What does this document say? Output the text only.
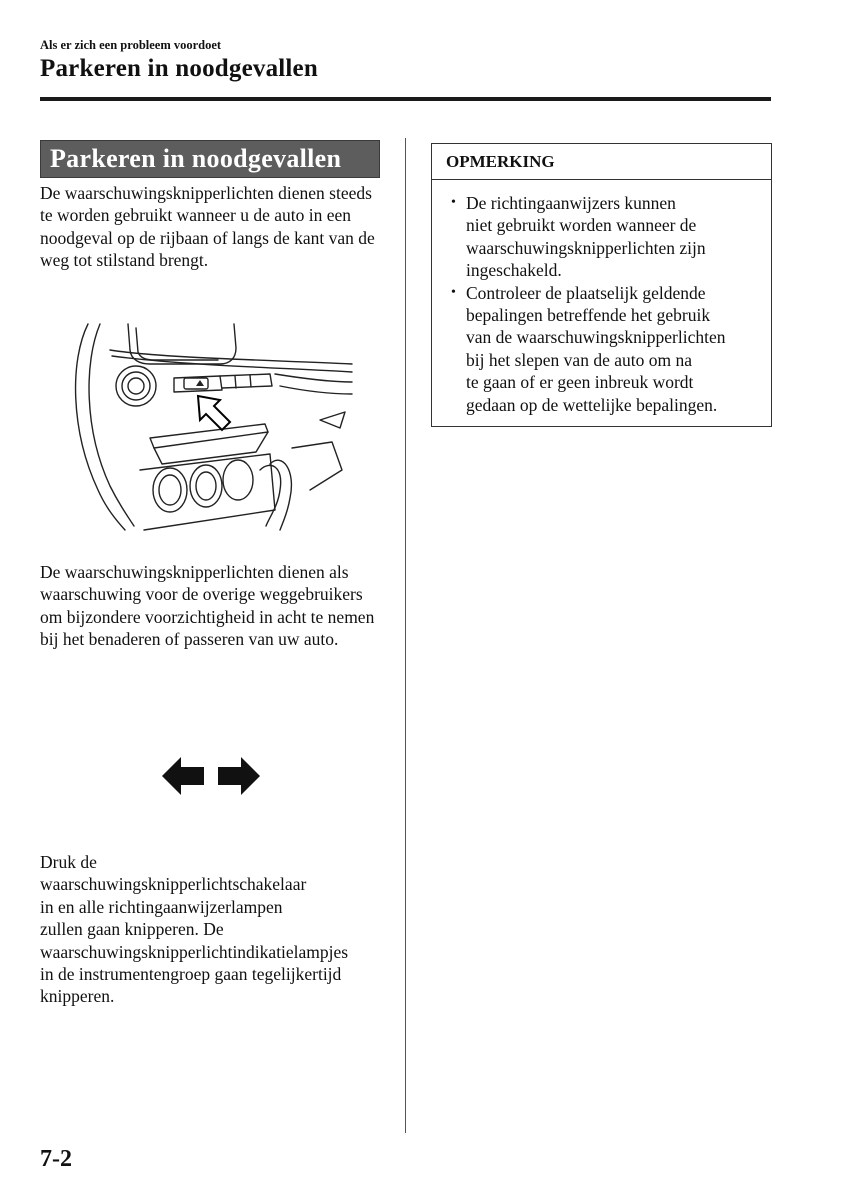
Als er zich een probleem voordoet
Parkeren in noodgevallen
Parkeren in noodgevallen

De waarschuwingsknipperlichten dienen steeds te worden gebruikt wanneer u de auto in een noodgeval op de rijbaan of langs de kant van de weg tot stilstand brengt.

De waarschuwingsknipperlichten dienen als waarschuwing voor de overige weggebruikers om bijzondere voorzichtigheid in acht te nemen bij het benaderen of passeren van uw auto.

Druk de
waarschuwingsknipperlichtschakelaar
in en alle richtingaanwijzerlampen
zullen gaan knipperen. De
waarschuwingsknipperlichtindikatielampjes
in de instrumentengroep gaan tegelijkertijd
knipperen.

OPMERKING
• De richtingaanwijzers kunnen
niet gebruikt worden wanneer de
waarschuwingsknipperlichten zijn
ingeschakeld.
• Controleer de plaatselijk geldende
bepalingen betreffende het gebruik
van de waarschuwingsknipperlichten
bij het slepen van de auto om na
te gaan of er geen inbreuk wordt
gedaan op de wettelijke bepalingen.
7-2
